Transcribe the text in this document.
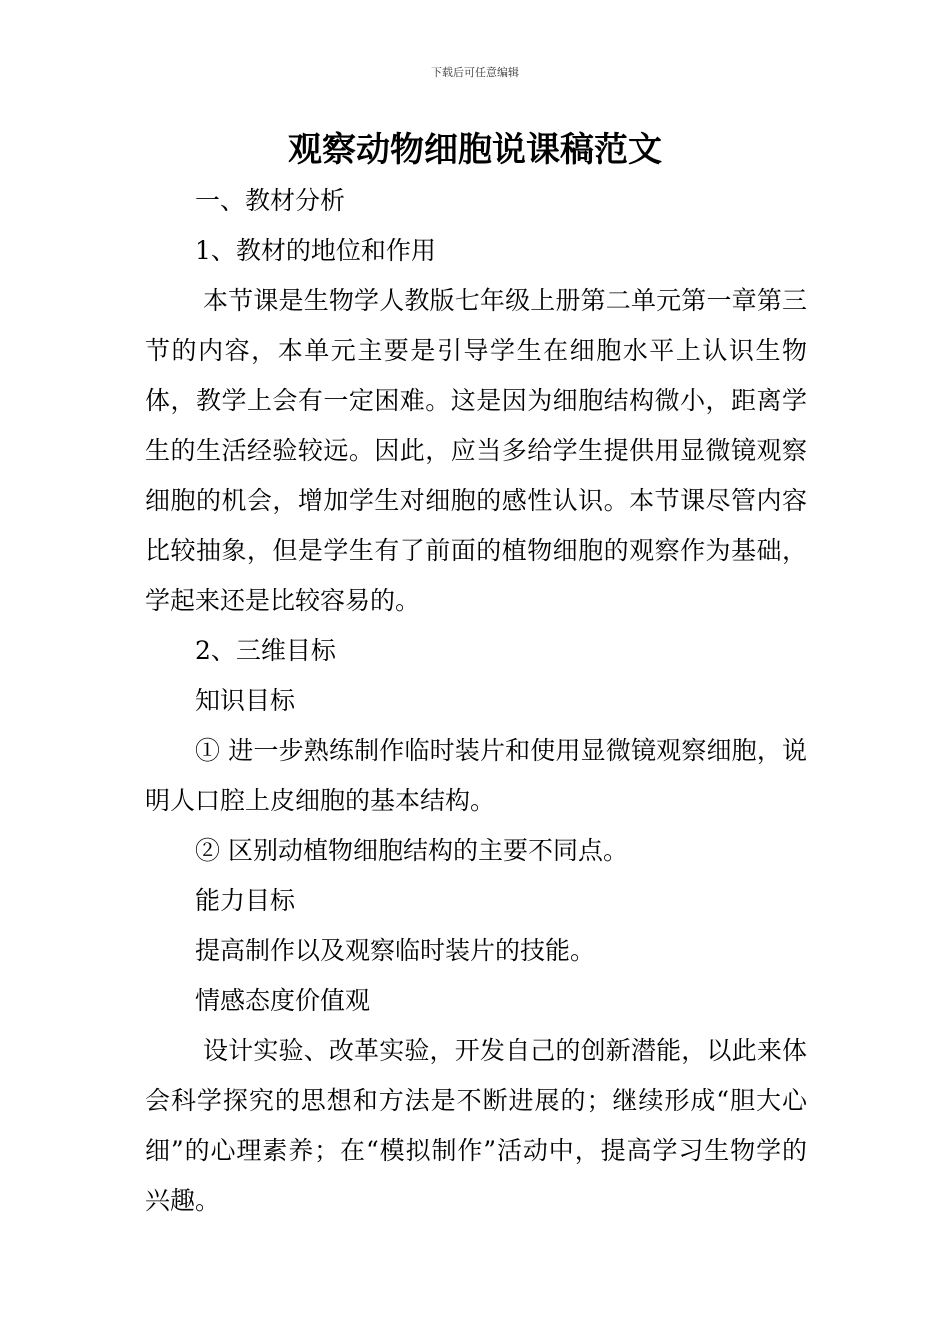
下载后可任意编辑
观察动物细胞说课稿范文

一、教材分析

1、教材的地位和作用

本节课是生物学人教版七年级上册第二单元第一章第三节的内容，本单元主要是引导学生在细胞水平上认识生物体，教学上会有一定困难。这是因为细胞结构微小，距离学生的生活经验较远。因此，应当多给学生提供用显微镜观察细胞的机会，增加学生对细胞的感性认识。本节课尽管内容比较抽象，但是学生有了前面的植物细胞的观察作为基础，学起来还是比较容易的。

2、三维目标

知识目标

① 进一步熟练制作临时装片和使用显微镜观察细胞，说明人口腔上皮细胞的基本结构。

② 区别动植物细胞结构的主要不同点。

能力目标

提高制作以及观察临时装片的技能。

情感态度价值观

设计实验、改革实验，开发自己的创新潜能，以此来体会科学探究的思想和方法是不断进展的；继续形成“胆大心细”的心理素养；在“模拟制作”活动中，提高学习生物学的兴趣。
